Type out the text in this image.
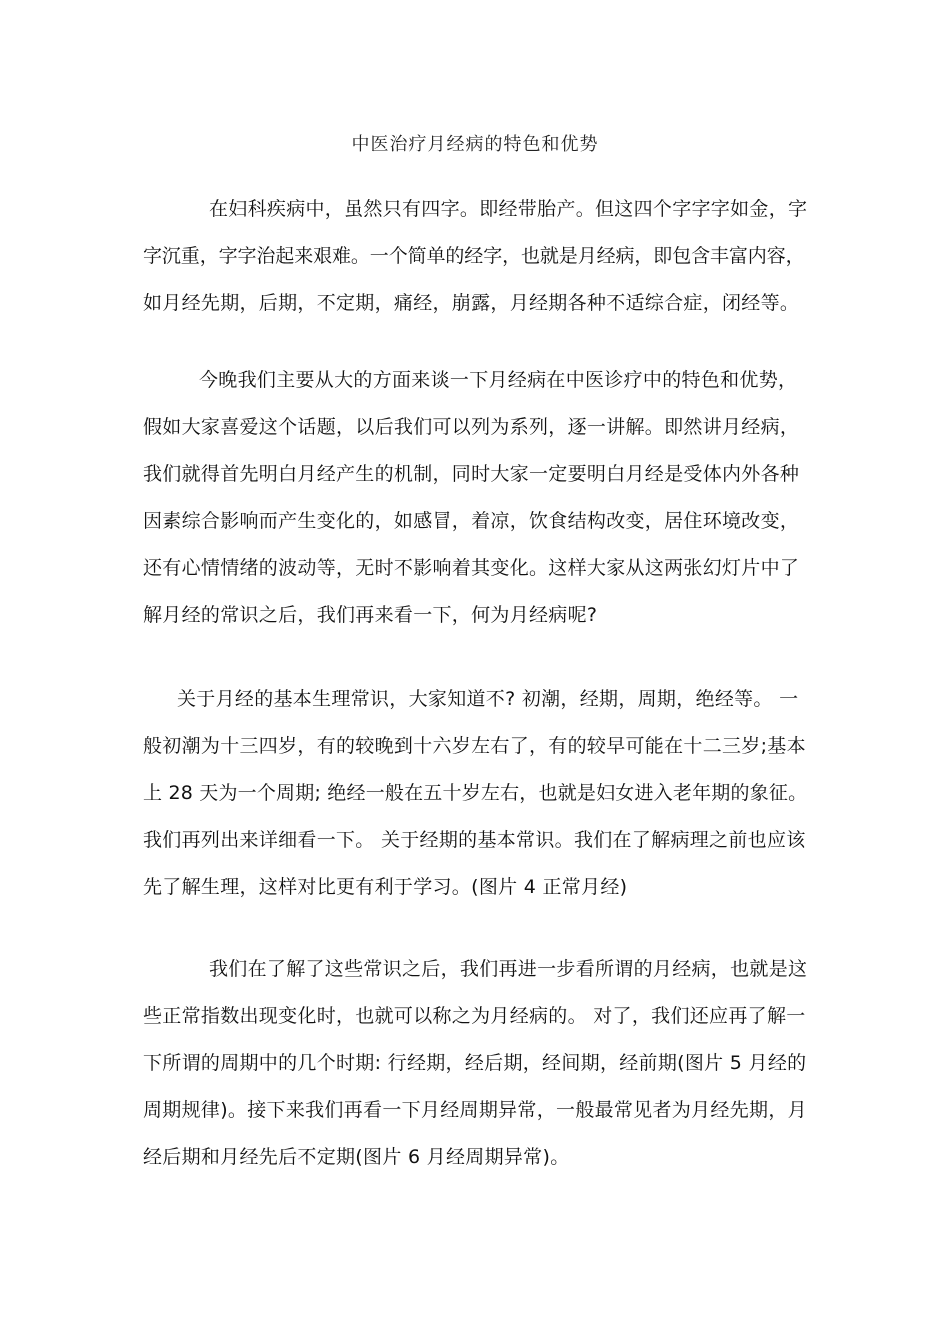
中医治疗月经病的特色和优势

在妇科疾病中，虽然只有四字。即经带胎产。但这四个字字字如金，字
字沉重，字字治起来艰难。一个简单的经字，也就是月经病，即包含丰富内容，
如月经先期，后期，不定期，痛经，崩露，月经期各种不适综合症，闭经等。

今晚我们主要从大的方面来谈一下月经病在中医诊疗中的特色和优势，
假如大家喜爱这个话题，以后我们可以列为系列，逐一讲解。即然讲月经病，
我们就得首先明白月经产生的机制，同时大家一定要明白月经是受体内外各种
因素综合影响而产生变化的，如感冒，着凉，饮食结构改变，居住环境改变，
还有心情情绪的波动等，无时不影响着其变化。这样大家从这两张幻灯片中了
解月经的常识之后，我们再来看一下，何为月经病呢?

关于月经的基本生理常识，大家知道不? 初潮，经期，周期，绝经等。 一
般初潮为十三四岁，有的较晚到十六岁左右了，有的较早可能在十二三岁;基本
上 28 天为一个周期; 绝经一般在五十岁左右，也就是妇女进入老年期的象征。
我们再列出来详细看一下。 关于经期的基本常识。我们在了解病理之前也应该
先了解生理，这样对比更有利于学习。(图片 4 正常月经)

我们在了解了这些常识之后，我们再进一步看所谓的月经病，也就是这
些正常指数出现变化时，也就可以称之为月经病的。 对了，我们还应再了解一
下所谓的周期中的几个时期: 行经期，经后期，经间期，经前期(图片 5 月经的
周期规律)。接下来我们再看一下月经周期异常，一般最常见者为月经先期，月
经后期和月经先后不定期(图片 6 月经周期异常)。
